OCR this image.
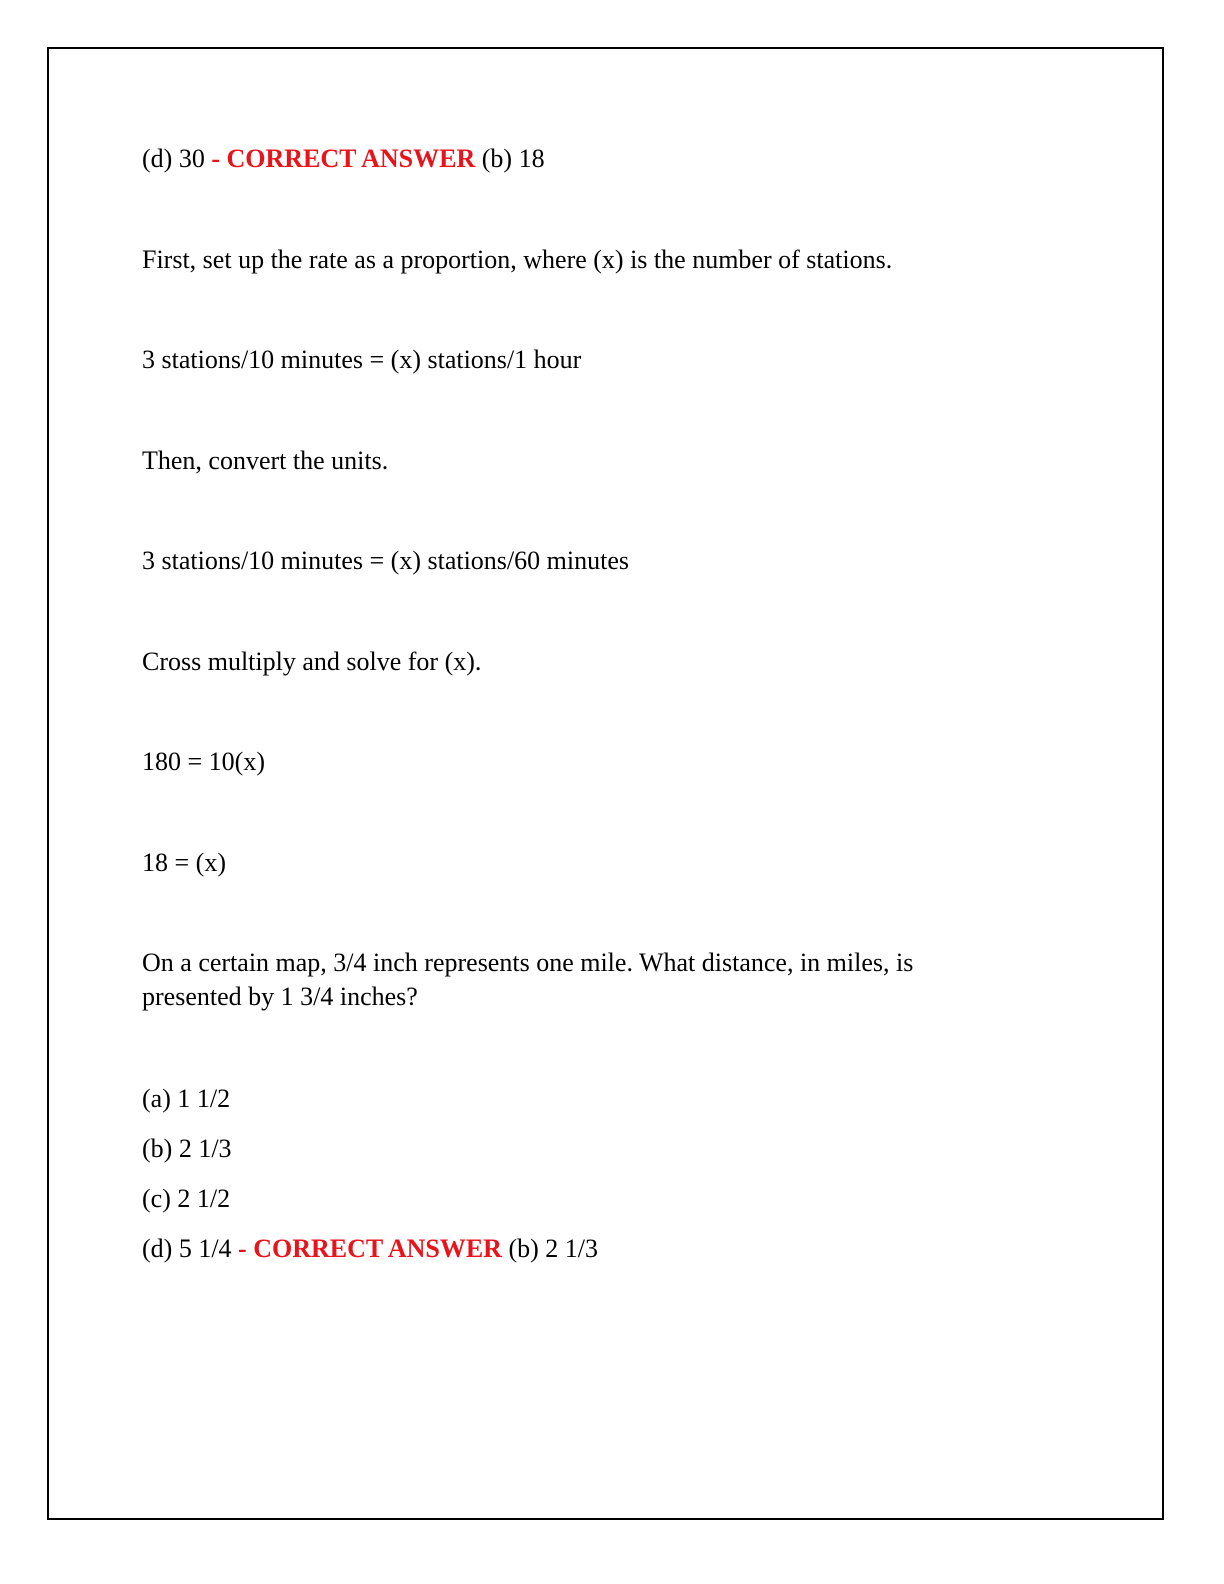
(d) 30 - CORRECT ANSWER (b) 18

First, set up the rate as a proportion, where (x) is the number of stations.

3 stations/10 minutes = (x) stations/1 hour

Then, convert the units.

3 stations/10 minutes = (x) stations/60 minutes

Cross multiply and solve for (x).

180 = 10(x)

18 = (x)

On a certain map, 3/4 inch represents one mile. What distance, in miles, is presented by 1 3/4 inches?

(a) 1 1/2

(b) 2 1/3

(c) 2 1/2

(d) 5 1/4 - CORRECT ANSWER (b) 2 1/3
